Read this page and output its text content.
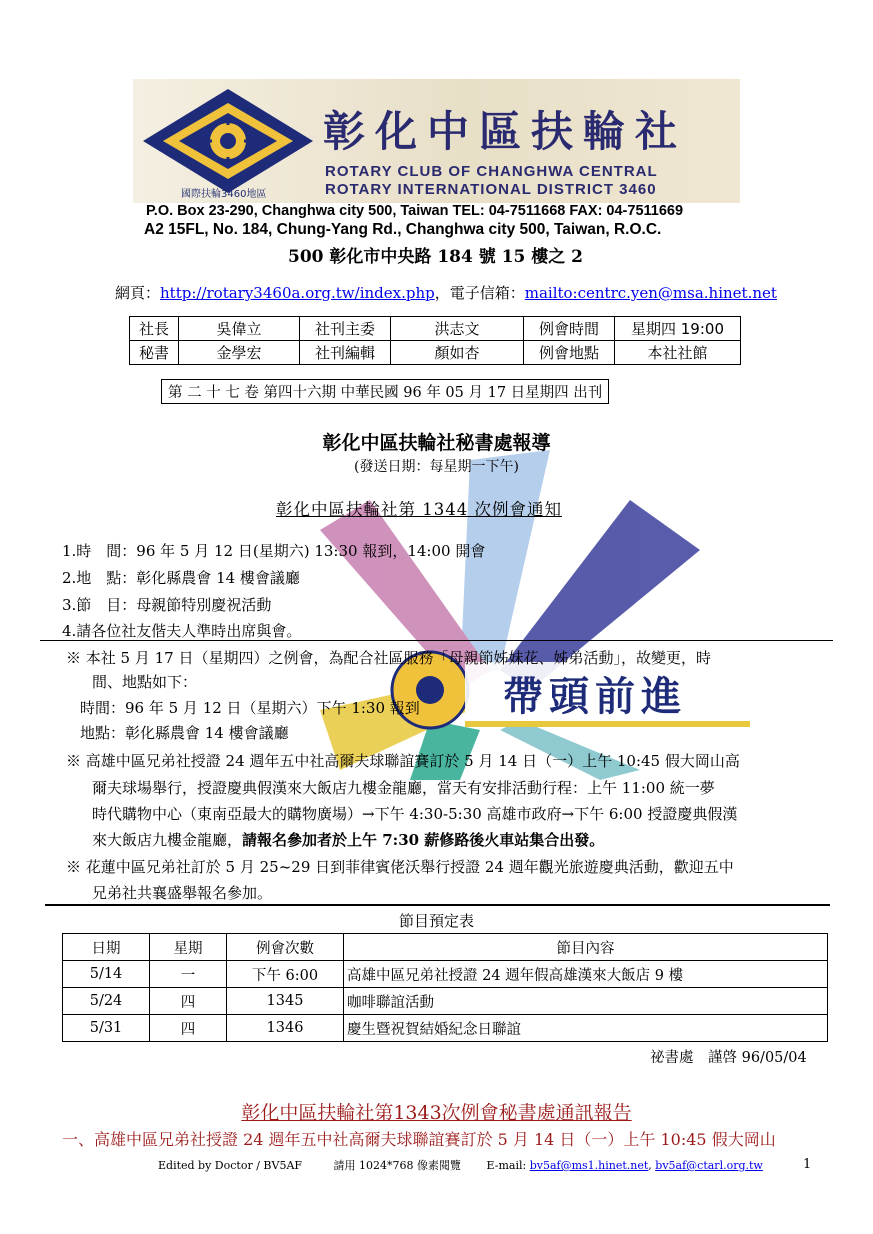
彰化中區扶輪社
ROTARY CLUB OF CHANGHWA CENTRAL
ROTARY INTERNATIONAL DISTRICT 3460
國際扶輪3460地區
P.O. Box 23-290, Changhwa city 500, Taiwan TEL: 04-7511668 FAX: 04-7511669
A2 15FL, No. 184, Chung-Yang Rd., Changhwa city 500, Taiwan, R.O.C.
500 彰化市中央路 184 號 15 樓之 2
網頁：http://rotary3460a.org.tw/index.php，電子信箱：mailto:centrc.yen@msa.hinet.net
社長	吳偉立	社刊主委	洪志文	例會時間	星期四 19:00
秘書	金學宏	社刊編輯	顏如杏	例會地點	本社社館
第 二 十 七 卷 第四十六期 中華民國 96 年 05 月 17 日星期四 出刊
帶頭前進
彰化中區扶輪社秘書處報導
(發送日期：每星期一下午)
彰化中區扶輪社第 1344 次例會通知
1.時　間：96 年 5 月 12 日(星期六) 13:30 報到，14:00 開會
2.地　點：彰化縣農會 14 樓會議廳
3.節　目：母親節特別慶祝活動
4.請各位社友偕夫人準時出席與會。
※ 本社 5 月 17 日（星期四）之例會，為配合社區服務「母親節姊妹花、姊弟活動」，故變更，時
間、地點如下：
時間：96 年 5 月 12 日（星期六）下午 1:30 報到
地點：彰化縣農會 14 樓會議廳
※ 高雄中區兄弟社授證 24 週年五中社高爾夫球聯誼賽訂於 5 月 14 日（一）上午 10:45 假大岡山高
爾夫球場舉行，授證慶典假漢來大飯店九樓金龍廳，當天有安排活動行程：上午 11:00 統一夢
時代購物中心（東南亞最大的購物廣場）→下午 4:30-5:30 高雄市政府→下午 6:00 授證慶典假漢
來大飯店九樓金龍廳，請報名參加者於上午 7:30 薪修路後火車站集合出發。
※ 花蓮中區兄弟社訂於 5 月 25~29 日到菲律賓佬沃舉行授證 24 週年觀光旅遊慶典活動，歡迎五中
兄弟社共襄盛舉報名參加。
節目預定表
日期	星期	例會次數	節目內容
5/14	一	下午 6:00	高雄中區兄弟社授證 24 週年假高雄漢來大飯店 9 樓
5/24	四	1345	咖啡聯誼活動
5/31	四	1346	慶生暨祝賀結婚紀念日聯誼
祕書處　謹啓 96/05/04
彰化中區扶輪社第1343次例會秘書處通訊報告
一、高雄中區兄弟社授證 24 週年五中社高爾夫球聯誼賽訂於 5 月 14 日（一）上午 10:45 假大岡山
Edited by Doctor / BV5AF	請用 1024*768 像素閱覽 E-mail: bv5af@ms1.hinet.net, bv5af@ctarl.org.tw	1
